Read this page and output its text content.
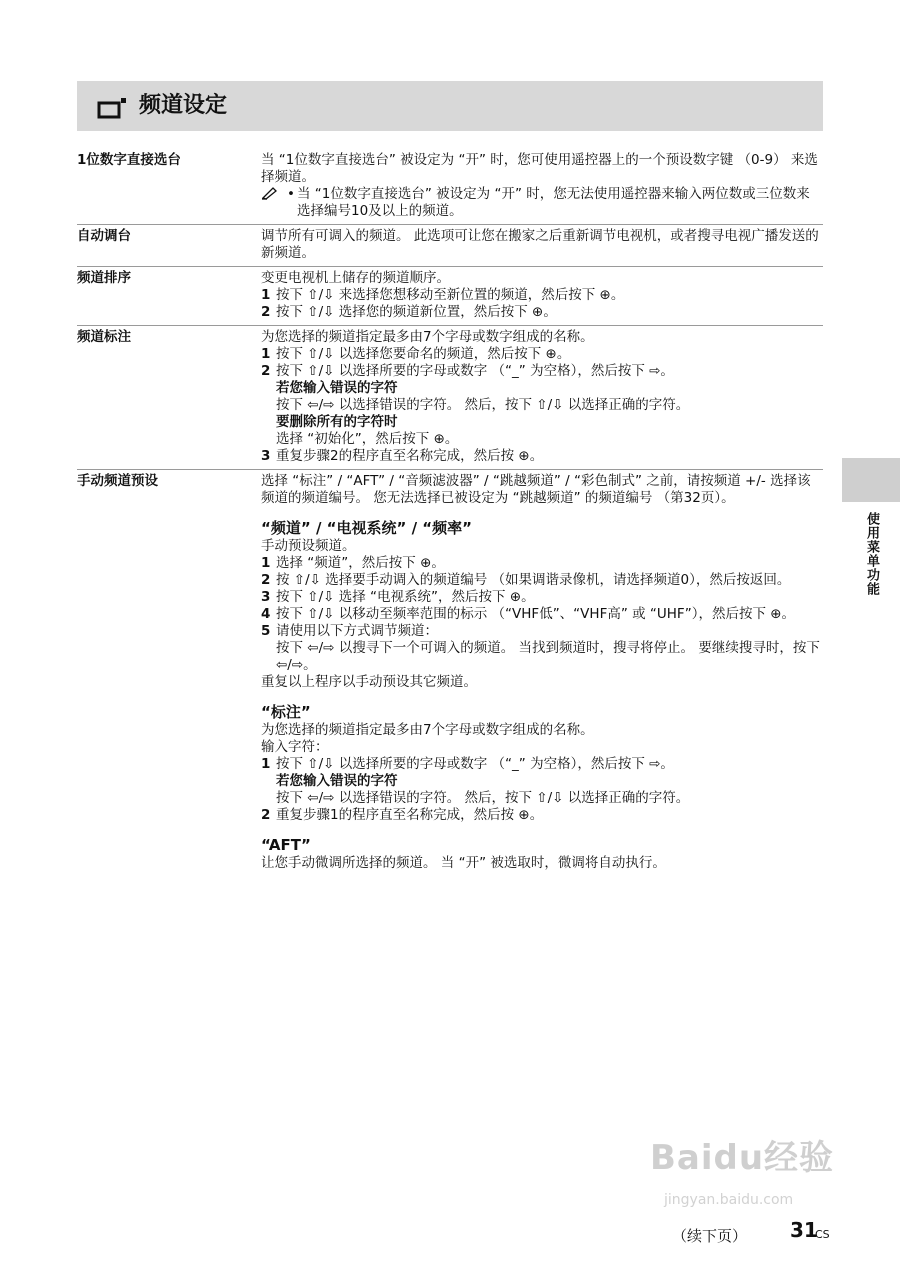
频道设定
1位数字直接选台	当 “1位数字直接选台” 被设定为 “开” 时，您可使用遥控器上的一个预设数字键 （0-9） 来选择频道。

• 当 “1位数字直接选台” 被设定为 “开” 时，您无法使用遥控器来输入两位数或三位数来选择编号10及以上的频道。
自动调台	调节所有可调入的频道。 此选项可让您在搬家之后重新调节电视机，或者搜寻电视广播发送的新频道。

频道排序	变更电视机上储存的频道顺序。

1 按下 ⇧/⇩ 来选择您想移动至新位置的频道，然后按下 ⊕。
2 按下 ⇧/⇩ 选择您的频道新位置，然后按下 ⊕。
频道标注	为您选择的频道指定最多由7个字母或数字组成的名称。

1 按下 ⇧/⇩ 以选择您要命名的频道，然后按下 ⊕。
2 按下 ⇧/⇩ 以选择所要的字母或数字 （“_” 为空格），然后按下 ⇨。
若您输入错误的字符
按下 ⇦/⇨ 以选择错误的字符。 然后，按下 ⇧/⇩ 以选择正确的字符。
要删除所有的字符时
选择 “初始化”，然后按下 ⊕。
3 重复步骤2的程序直至名称完成，然后按 ⊕。
手动频道预设	选择 “标注” / “AFT” / “音频滤波器” / “跳越频道” / “彩色制式” 之前，请按频道 +/- 选择该频道的频道编号。 您无法选择已被设定为 “跳越频道” 的频道编号 （第32页）。

“频道” / “电视系统” / “频率”

手动预设频道。

1 选择 “频道”，然后按下 ⊕。
2 按 ⇧/⇩ 选择要手动调入的频道编号 （如果调谐录像机，请选择频道0），然后按返回。
3 按下 ⇧/⇩ 选择 “电视系统”，然后按下 ⊕。
4 按下 ⇧/⇩ 以移动至频率范围的标示 （“VHF低”、“VHF高” 或 “UHF”），然后按下 ⊕。
5 请使用以下方式调节频道：
按下 ⇦/⇨ 以搜寻下一个可调入的频道。 当找到频道时，搜寻将停止。 要继续搜寻时，按下 ⇦/⇨。

重复以上程序以手动预设其它频道。

“标注”

为您选择的频道指定最多由7个字母或数字组成的名称。

输入字符：

1 按下 ⇧/⇩ 以选择所要的字母或数字 （“_” 为空格），然后按下 ⇨。
若您输入错误的字符
按下 ⇦/⇨ 以选择错误的字符。 然后，按下 ⇧/⇩ 以选择正确的字符。
2 重复步骤1的程序直至名称完成，然后按 ⊕。
“AFT”

让您手动微调所选择的频道。 当 “开” 被选取时，微调将自动执行。

使用菜单功能
Baidu经验
jingyan.baidu.com
（续下页） 31
CS
